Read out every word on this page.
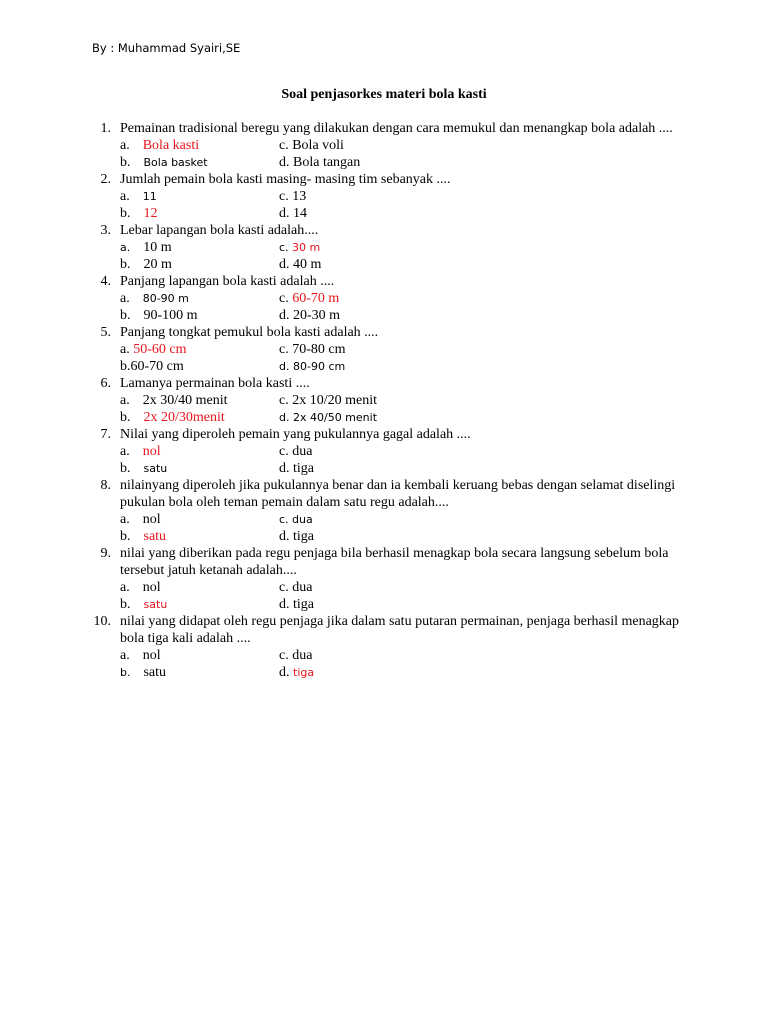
By : Muhammad Syairi,SE
Soal penjasorkes materi bola kasti
1. Pemainan tradisional beregu yang dilakukan dengan cara memukul dan menangkap bola adalah ....
a. Bola kasti	c. Bola voli
b. Bola basket	d. Bola tangan
2. Jumlah pemain bola kasti masing- masing tim sebanyak ....
a. 11	c. 13
b. 12	d. 14
3. Lebar lapangan bola kasti adalah....
a. 10 m	c. 30 m
b. 20 m	d. 40 m
4. Panjang lapangan bola kasti adalah ....
a. 80-90 m	c. 60-70 m
b. 90-100 m	d. 20-30 m
5. Panjang tongkat pemukul bola kasti adalah ....
a. 50-60 cm	c. 70-80 cm
b.60-70 cm	d. 80-90 cm
6. Lamanya permainan bola kasti ....
a. 2x 30/40 menit	c. 2x 10/20 menit
b. 2x 20/30menit	d. 2x 40/50 menit
7. Nilai yang diperoleh pemain yang pukulannya gagal adalah ....
a. nol	c. dua
b. satu	d. tiga
8. nilainyang diperoleh jika pukulannya benar dan ia kembali keruang bebas dengan selamat diselingi pukulan bola oleh teman pemain dalam satu regu adalah....
a. nol	c. dua
b. satu	d. tiga
9. nilai yang diberikan pada regu penjaga bila berhasil menagkap bola secara langsung sebelum bola tersebut jatuh ketanah adalah....
a. nol	c. dua
b. satu	d. tiga
10. nilai yang didapat oleh regu penjaga jika dalam satu putaran permainan, penjaga berhasil menagkap bola tiga kali adalah ....
a. nol	c. dua
b. satu	d. tiga
